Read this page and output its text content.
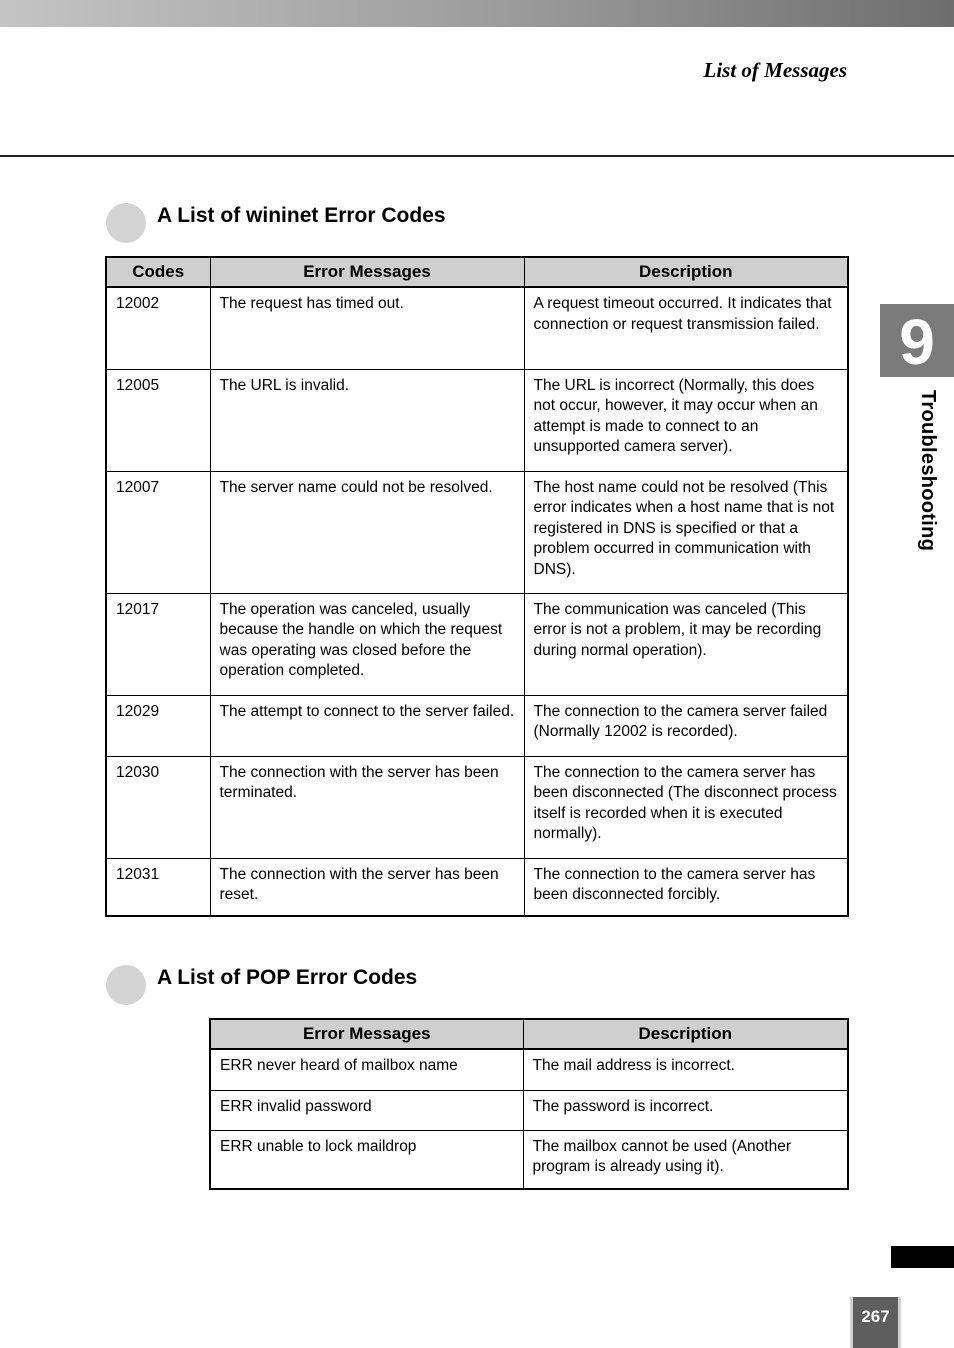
List of Messages
9
Troubleshooting
A List of wininet Error Codes
Codes	Error Messages	Description
12002	The request has timed out.	A request timeout occurred. It indicates that connection or request transmission failed.
12005	The URL is invalid.	The URL is incorrect (Normally, this does not occur, however, it may occur when an attempt is made to connect to an unsupported camera server).
12007	The server name could not be resolved.	The host name could not be resolved (This error indicates when a host name that is not registered in DNS is specified or that a problem occurred in communication with DNS).
12017	The operation was canceled, usually because the handle on which the request was operating was closed before the operation completed.	The communication was canceled (This error is not a problem, it may be recording during normal operation).
12029	The attempt to connect to the server failed.	The connection to the camera server failed (Normally 12002 is recorded).
12030	The connection with the server has been terminated.	The connection to the camera server has been disconnected (The disconnect process itself is recorded when it is executed normally).
12031	The connection with the server has been reset.	The connection to the camera server has been disconnected forcibly.
A List of POP Error Codes
Error Messages	Description
ERR never heard of mailbox name	The mail address is incorrect.
ERR invalid password	The password is incorrect.
ERR unable to lock maildrop	The mailbox cannot be used (Another program is already using it).
267
